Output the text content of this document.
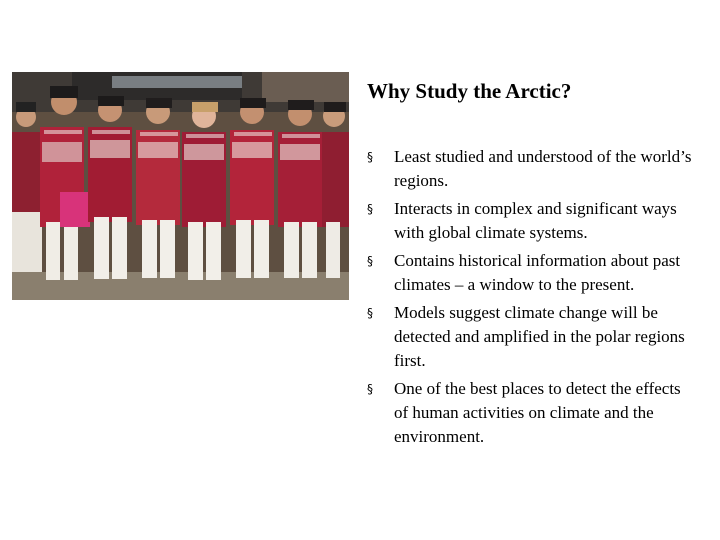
Why Study the Arctic?
§ Least studied and understood of the world’s regions.
§ Interacts in complex and significant ways with global climate systems.
§ Contains historical information about past climates – a window to the present.
§ Models suggest climate change will be detected and amplified in the polar regions first.
§ One of the best places to detect the effects of human activities on climate and the environment.
